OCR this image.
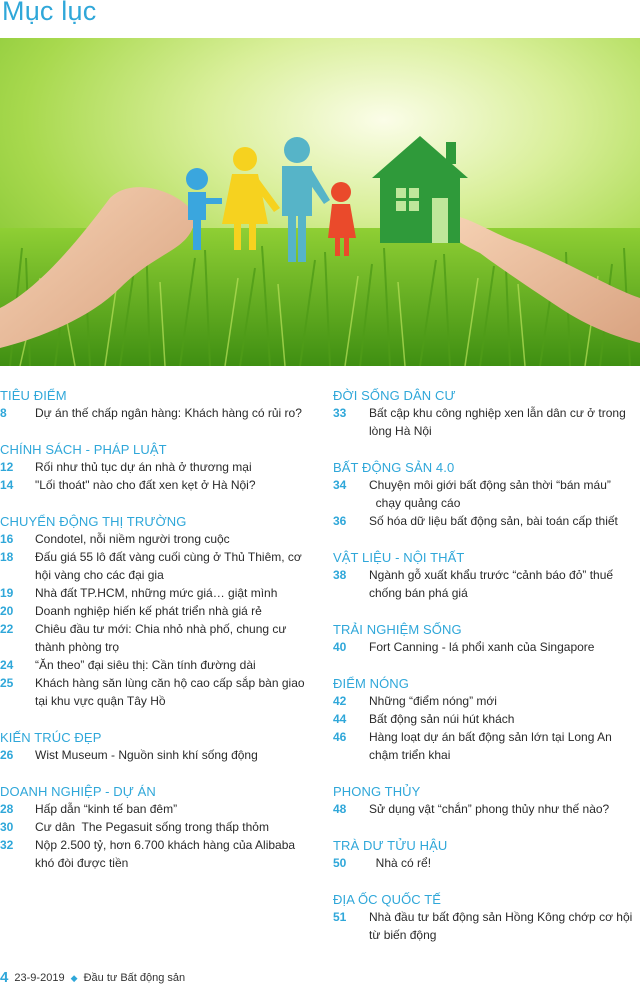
Mục lục
TIÊU ĐIỂM
8	Dự án thế chấp ngân hàng: Khách hàng có rủi ro?
CHÍNH SÁCH - PHÁP LUẬT
12	Rối như thủ tục dự án nhà ở thương mại
14	"Lối thoát" nào cho đất xen kẹt ở Hà Nội?
CHUYỂN ĐỘNG THỊ TRƯỜNG
16	Condotel, nỗi niềm người trong cuộc
18	Đấu giá 55 lô đất vàng cuối cùng ở Thủ Thiêm, cơ
hội vàng cho các đại gia
19	Nhà đất TP.HCM, những mức giá… giật mình
20	Doanh nghiệp hiến kế phát triển nhà giá rẻ
22	Chiêu đầu tư mới: Chia nhỏ nhà phố, chung cư
thành phòng trọ
24	“Ăn theo” đại siêu thị: Cần tính đường dài
25	Khách hàng săn lùng căn hộ cao cấp sắp bàn giao
tại khu vực quận Tây Hồ
KIẾN TRÚC ĐẸP
26	Wist Museum - Nguồn sinh khí sống động
DOANH NGHIỆP - DỰ ÁN
28	Hấp dẫn “kinh tế ban đêm”
30	Cư dân  The Pegasuit sống trong thấp thỏm
32	Nộp 2.500 tỷ, hơn 6.700 khách hàng của Alibaba
khó đòi được tiền
ĐỜI SỐNG DÂN CƯ
33	Bất cập khu công nghiệp xen lẫn dân cư ở trong
lòng Hà Nội
BẤT ĐỘNG SẢN 4.0
34	Chuyện môi giới bất động sản thời “bán máu”
chạy quảng cáo
36	Số hóa dữ liệu bất động sản, bài toán cấp thiết
VẬT LIỆU - NỘI THẤT
38	Ngành gỗ xuất khẩu trước “cảnh báo đỏ” thuế
chống bán phá giá
TRẢI NGHIỆM SỐNG
40	Fort Canning - lá phổi xanh của Singapore
ĐIỂM NÓNG
42	Những “điểm nóng” mới
44	Bất động sản núi hút khách
46	Hàng loạt dự án bất động sản lớn tại Long An
chậm triển khai
PHONG THỦY
48	Sử dụng vật “chắn” phong thủy như thế nào?
TRÀ DƯ TỬU HẬU
50	Nhà có rể!
ĐỊA ỐC QUỐC TẾ
51	Nhà đầu tư bất động sản Hồng Kông chớp cơ hội
từ biến động
4 23-9-2019 ◆ Đầu tư Bất động sản
